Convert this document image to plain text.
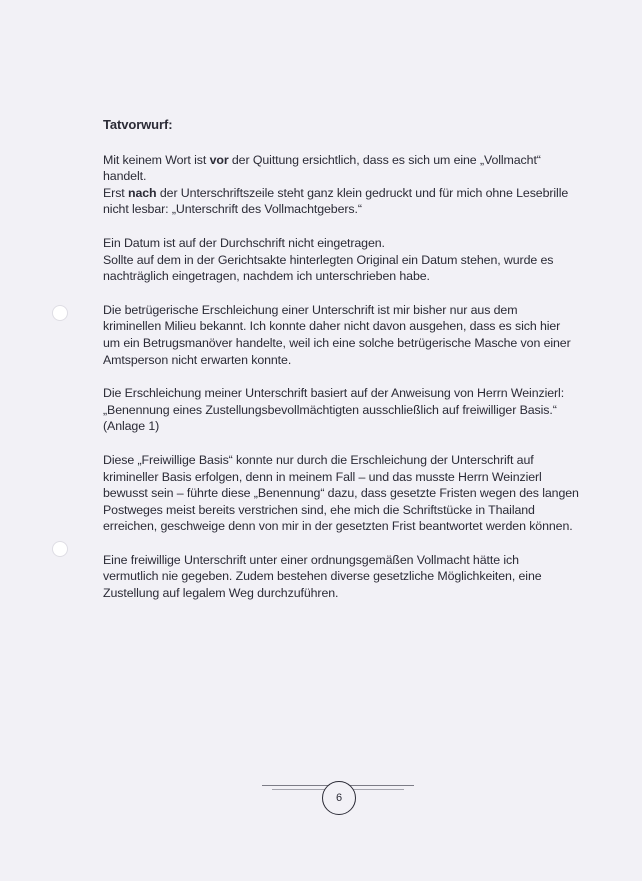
Tatvorwurf:
Mit keinem Wort ist vor der Quittung ersichtlich, dass es sich um eine „Vollmacht“
handelt.
Erst nach der Unterschriftszeile steht ganz klein gedruckt und für mich ohne Lesebrille
nicht lesbar: „Unterschrift des Vollmachtgebers.“
Ein Datum ist auf der Durchschrift nicht eingetragen.
Sollte auf dem in der Gerichtsakte hinterlegten Original ein Datum stehen, wurde es
nachträglich eingetragen, nachdem ich unterschrieben habe.
Die betrügerische Erschleichung einer Unterschrift ist mir bisher nur aus dem
kriminellen Milieu bekannt. Ich konnte daher nicht davon ausgehen, dass es sich hier
um ein Betrugsmanöver handelte, weil ich eine solche betrügerische Masche von einer
Amtsperson nicht erwarten konnte.
Die Erschleichung meiner Unterschrift basiert auf der Anweisung von Herrn Weinzierl:
„Benennung eines Zustellungsbevollmächtigten ausschließlich auf freiwilliger Basis.“
(Anlage 1)
Diese „Freiwillige Basis“ konnte nur durch die Erschleichung der Unterschrift auf
krimineller Basis erfolgen, denn in meinem Fall – und das musste Herrn Weinzierl
bewusst sein – führte diese „Benennung“ dazu, dass gesetzte Fristen wegen des langen
Postweges meist bereits verstrichen sind, ehe mich die Schriftstücke in Thailand
erreichen, geschweige denn von mir in der gesetzten Frist beantwortet werden können.
Eine freiwillige Unterschrift unter einer ordnungsgemäßen Vollmacht hätte ich
vermutlich nie gegeben. Zudem bestehen diverse gesetzliche Möglichkeiten, eine
Zustellung auf legalem Weg durchzuführen.
6
